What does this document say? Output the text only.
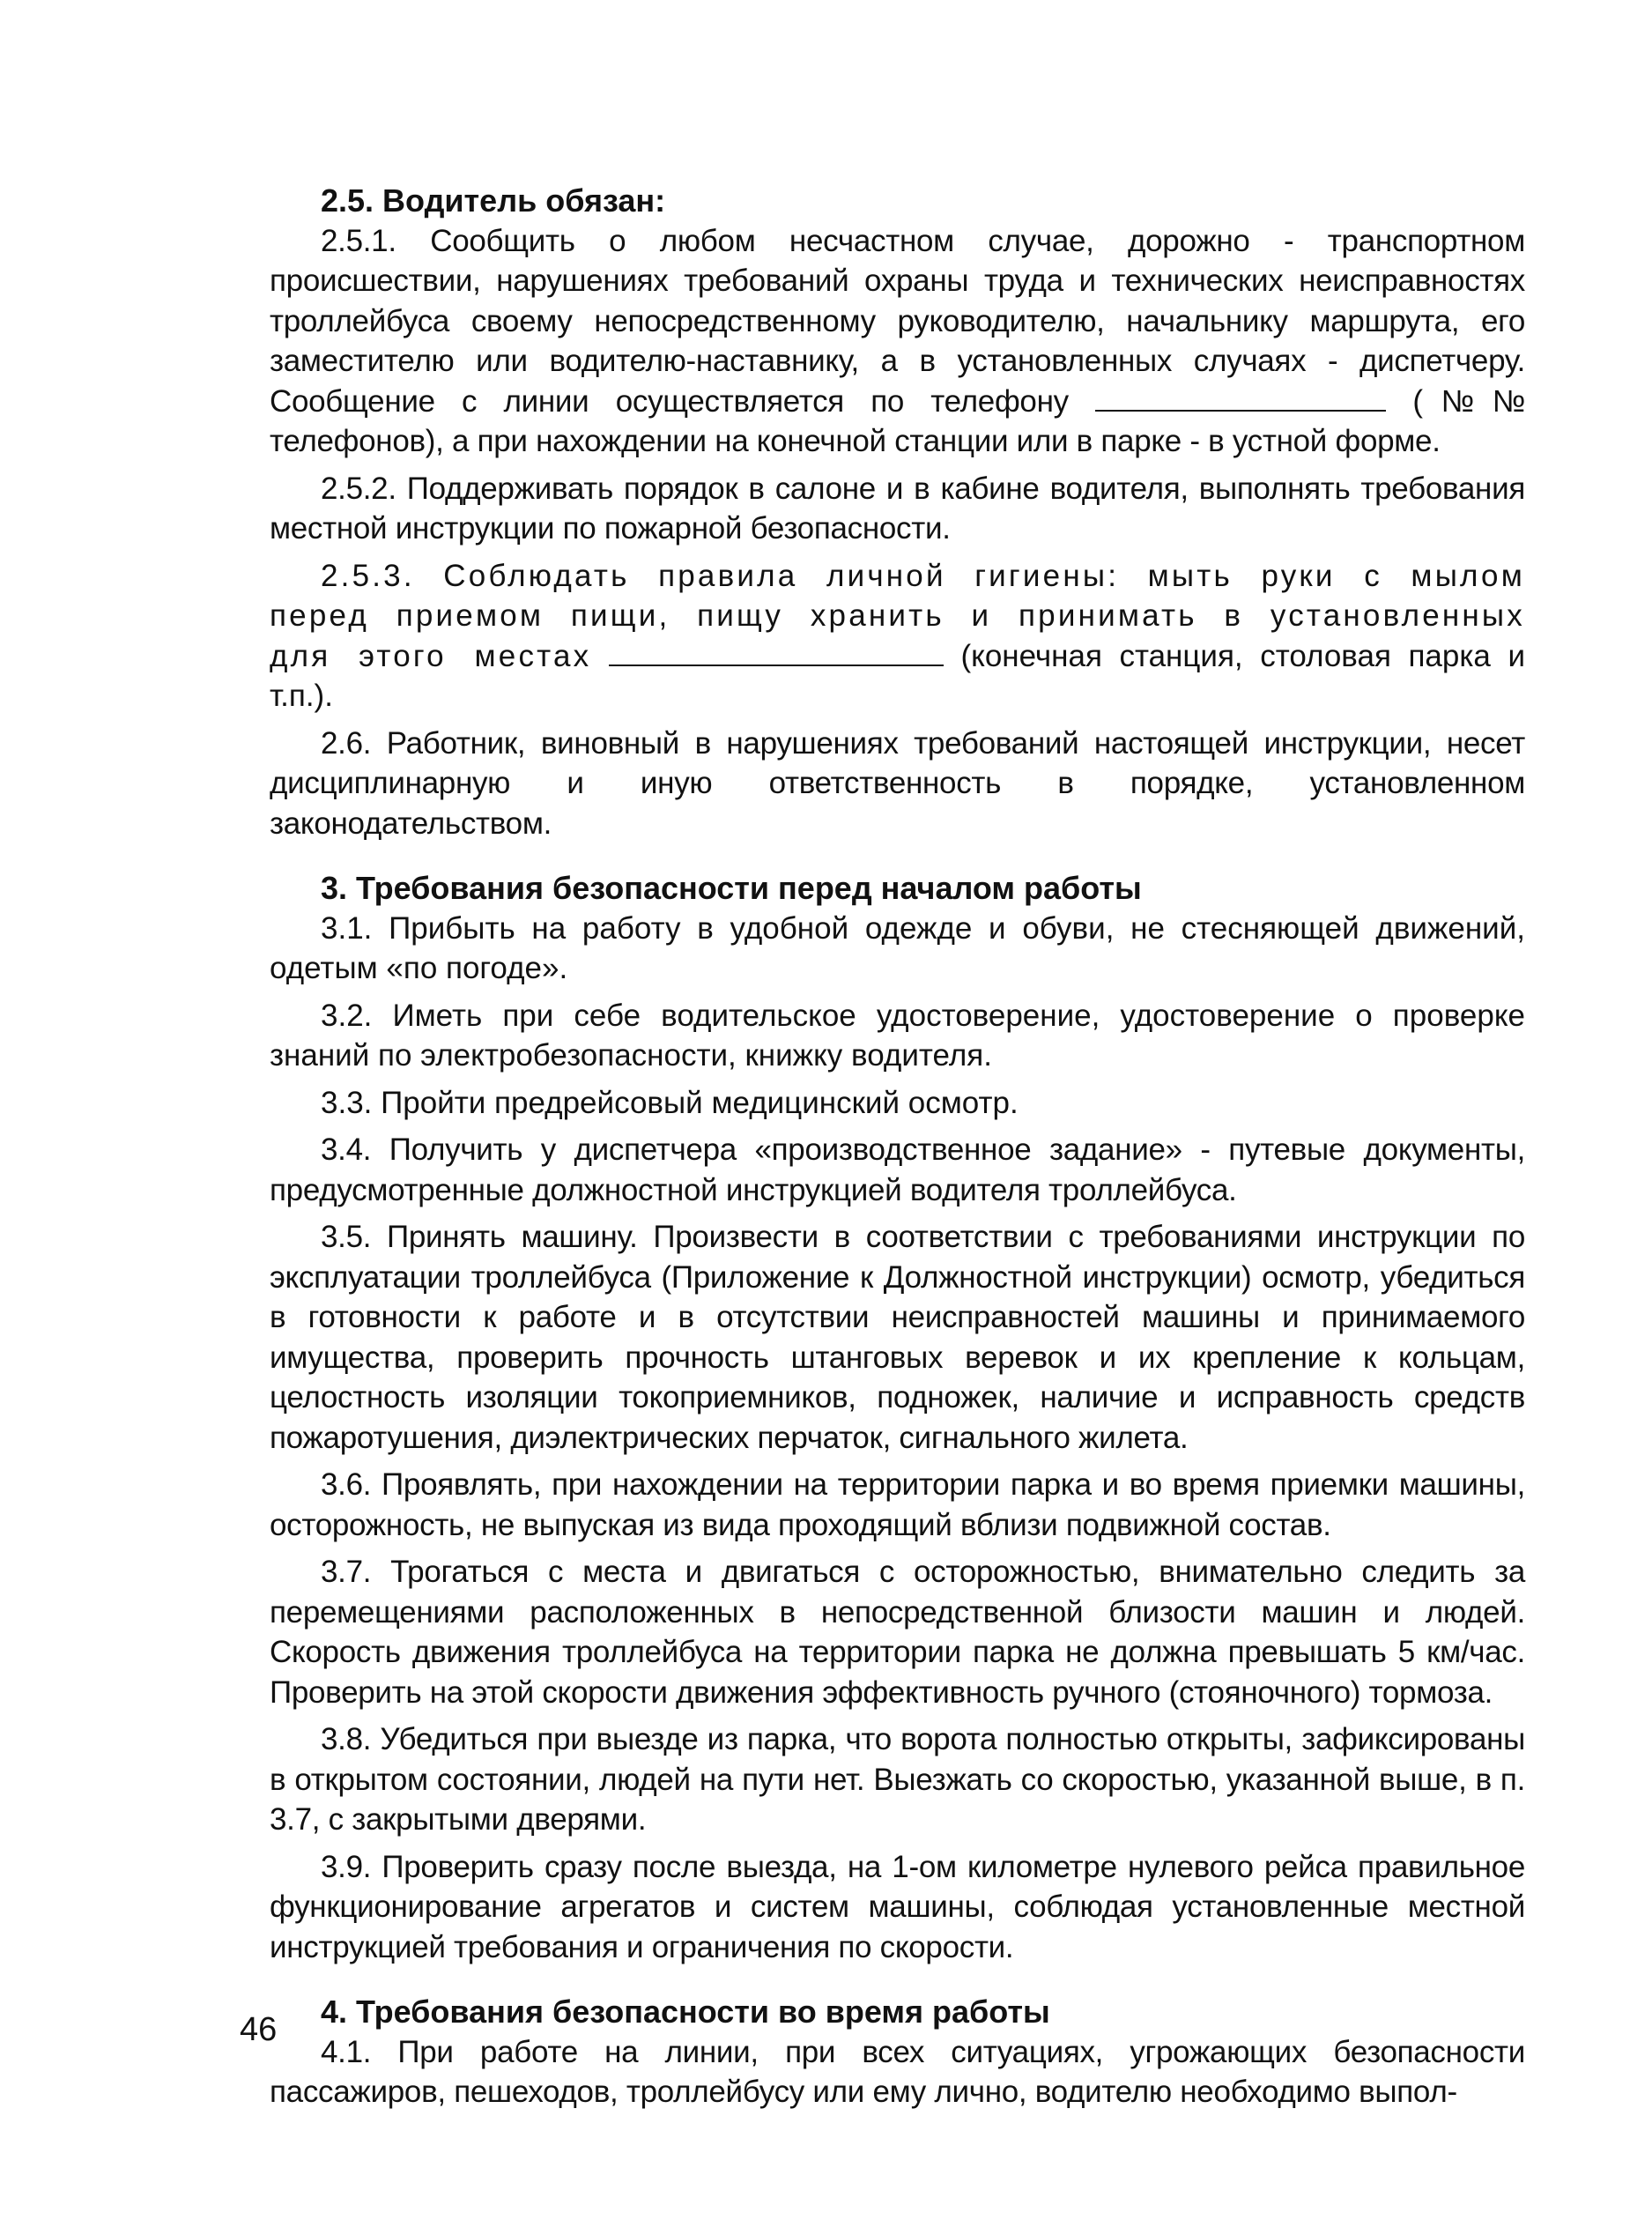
2.5. Водитель обязан:

2.5.1. Сообщить о любом несчастном случае, дорожно - транспортном происшествии, нарушениях требований охраны труда и технических неисправностях троллейбуса своему непосредственному руководителю, начальнику маршрута, его заместителю или водителю-наставнику, а в установленных случаях - диспетчеру. Сообщение с линии осуществляется по телефону	(№№ телефонов), а при нахождении на конечной станции или в парке - в устной форме.

2.5.2. Поддерживать порядок в салоне и в кабине водителя, выполнять требования местной инструкции по пожарной безопасности.

2.5.3. Соблюдать правила личной гигиены: мыть руки с мылом перед приемом пищи, пищу хранить и принимать в установленных для этого местах	(конечная станция, столовая парка и т.п.).

2.6. Работник, виновный в нарушениях требований настоящей инструкции, несет дисциплинарную и иную ответственность в порядке, установленном законодательством.

3. Требования безопасности перед началом работы

3.1. Прибыть на работу в удобной одежде и обуви, не стесняющей движений, одетым «по погоде».

3.2. Иметь при себе водительское удостоверение, удостоверение о проверке знаний по электробезопасности, книжку водителя.

3.3. Пройти предрейсовый медицинский осмотр.

3.4. Получить у диспетчера «производственное задание» - путевые документы, предусмотренные должностной инструкцией водителя троллейбуса.

3.5. Принять машину. Произвести в соответствии с требованиями инструкции по эксплуатации троллейбуса (Приложение к Должностной инструкции) осмотр, убедиться в готовности к работе и в отсутствии неисправностей машины и принимаемого имущества, проверить прочность штанговых веревок и их крепление к кольцам, целостность изоляции токоприемников, подножек, наличие и исправность средств пожаротушения, диэлектрических перчаток, сигнального жилета.

3.6. Проявлять, при нахождении на территории парка и во время приемки машины, осторожность, не выпуская из вида проходящий вблизи подвижной состав.

3.7. Трогаться с места и двигаться с осторожностью, внимательно следить за перемещениями расположенных в непосредственной близости машин и людей. Скорость движения троллейбуса на территории парка не должна превышать 5 км/час. Проверить на этой скорости движения эффективность ручного (стояночного) тормоза.

3.8. Убедиться при выезде из парка, что ворота полностью открыты, зафиксированы в открытом состоянии, людей на пути нет. Выезжать со скоростью, указанной выше, в п. 3.7, с закрытыми дверями.

3.9. Проверить сразу после выезда, на 1-ом километре нулевого рейса правильное функционирование агрегатов и систем машины, соблюдая установленные местной инструкцией требования и ограничения по скорости.

4. Требования безопасности во время работы

4.1. При работе на линии, при всех ситуациях, угрожающих безопасности пассажиров, пешеходов, троллейбусу или ему лично, водителю необходимо выпол-

46
